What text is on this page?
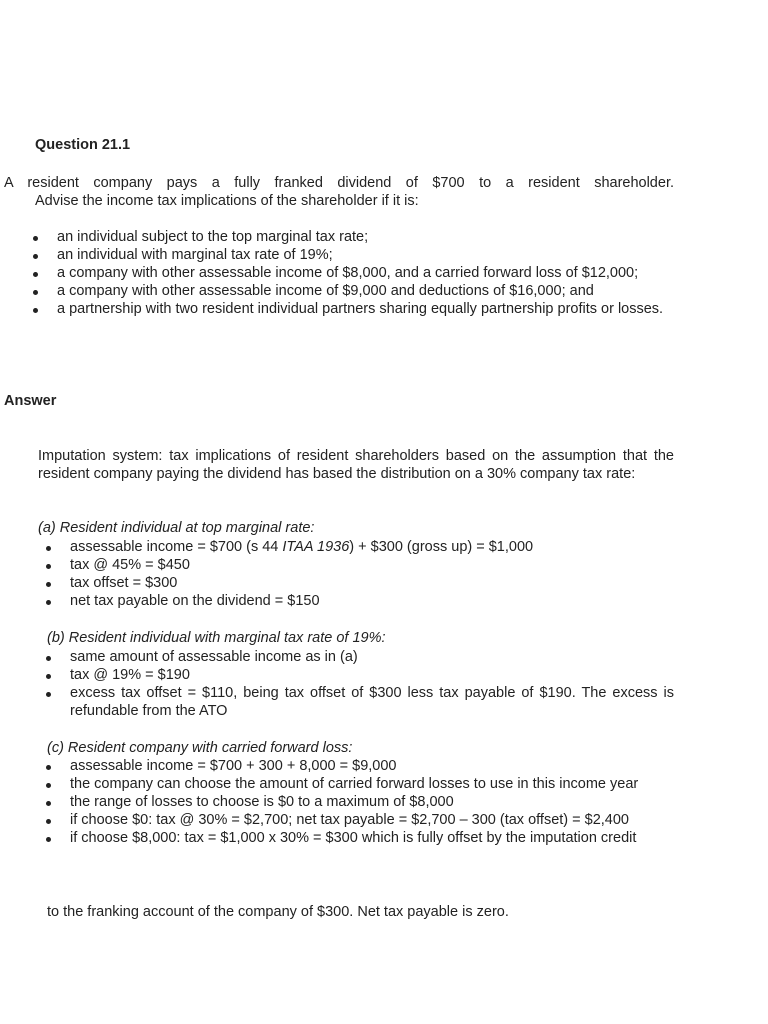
Question 21.1
A resident company pays a fully franked dividend of $700 to a resident shareholder.
Advise the income tax implications of the shareholder if it is:
an individual subject to the top marginal tax rate;
an individual with marginal tax rate of 19%;
a company with other assessable income of $8,000, and a carried forward loss of $12,000;
a company with other assessable income of $9,000 and deductions of $16,000; and
a partnership with two resident individual partners sharing equally partnership profits or losses.
Answer
Imputation system: tax implications of resident shareholders based on the assumption that the resident company paying the dividend has based the distribution on a 30% company tax rate:
(a) Resident individual at top marginal rate:
assessable income = $700 (s 44 ITAA 1936) + $300 (gross up) = $1,000
tax @ 45% = $450
tax offset = $300
net tax payable on the dividend = $150
(b) Resident individual with marginal tax rate of 19%:
same amount of assessable income as in (a)
tax @ 19% = $190
excess tax offset = $110, being tax offset of $300 less tax payable of $190. The excess is refundable from the ATO
(c) Resident company with carried forward loss:
assessable income = $700 + 300 + 8,000 = $9,000
the company can choose the amount of carried forward losses to use in this income year
the range of losses to choose is $0 to a maximum of $8,000
if choose $0: tax @ 30% = $2,700; net tax payable = $2,700 – 300 (tax offset) = $2,400
if choose $8,000: tax = $1,000 x 30% = $300 which is fully offset by the imputation credit
to the franking account of the company of $300. Net tax payable is zero.
